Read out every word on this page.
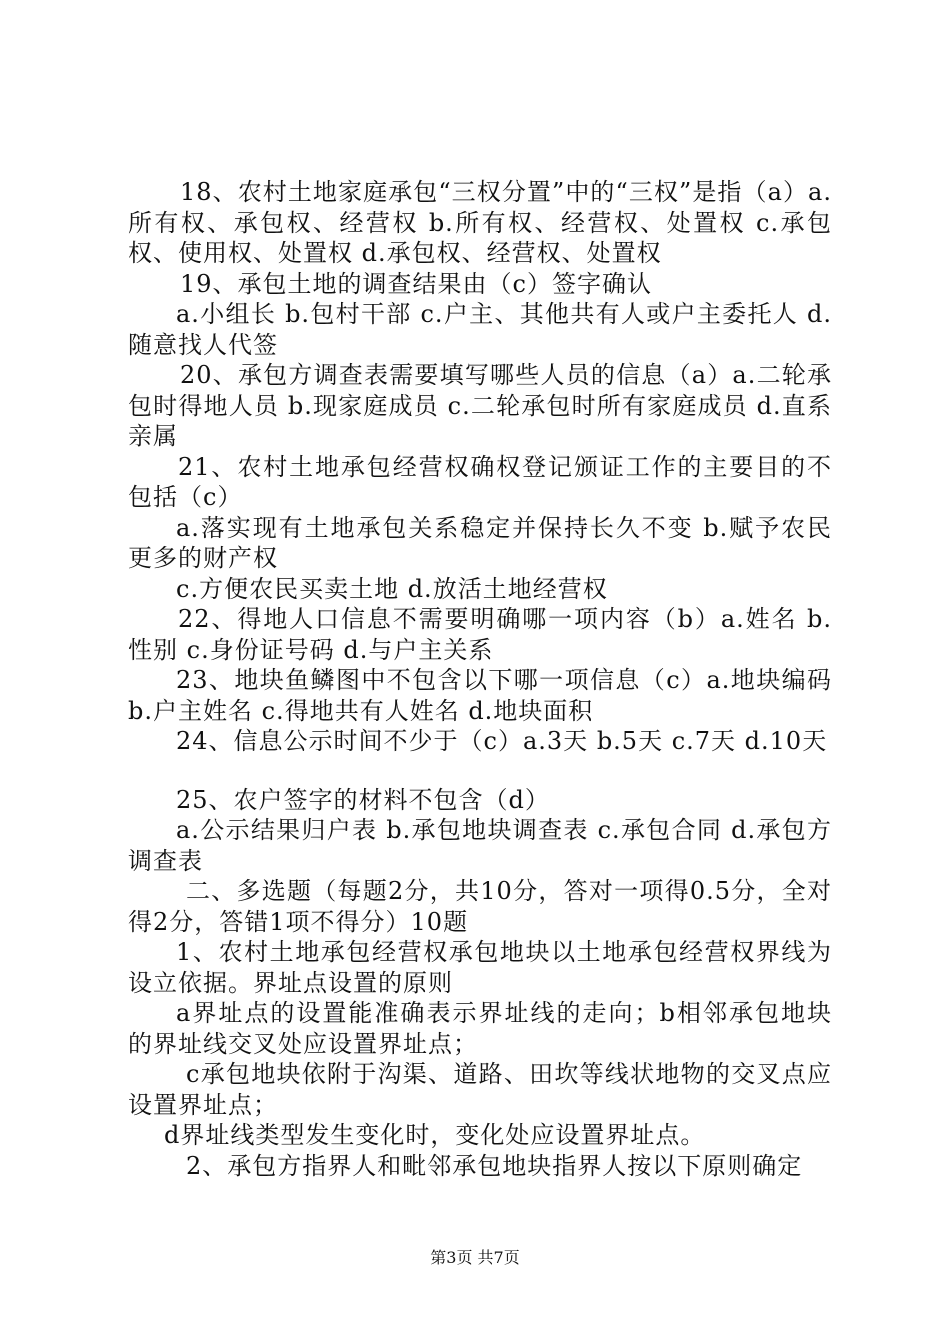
18、农村土地家庭承包“三权分置”中的“三权”是指（a）a.所有权、承包权、经营权 b.所有权、经营权、处置权 c.承包权、使用权、处置权 d.承包权、经营权、处置权

19、承包土地的调查结果由（c）签字确认

a.小组长 b.包村干部 c.户主、其他共有人或户主委托人 d.随意找人代签

20、承包方调查表需要填写哪些人员的信息（a）a.二轮承包时得地人员 b.现家庭成员 c.二轮承包时所有家庭成员 d.直系亲属

21、农村土地承包经营权确权登记颁证工作的主要目的不包括（c）

a.落实现有土地承包关系稳定并保持长久不变 b.赋予农民更多的财产权

c.方便农民买卖土地 d.放活土地经营权

22、得地人口信息不需要明确哪一项内容（b）a.姓名 b.性别 c.身份证号码 d.与户主关系

23、地块鱼鳞图中不包含以下哪一项信息（c）a.地块编码 b.户主姓名 c.得地共有人姓名 d.地块面积

24、信息公示时间不少于（c）a.3天 b.5天 c.7天 d.10天

25、农户签字的材料不包含（d）

a.公示结果归户表 b.承包地块调查表 c.承包合同 d.承包方调查表

二、多选题（每题2分，共10分，答对一项得0.5分，全对得2分，答错1项不得分）10题

1、农村土地承包经营权承包地块以土地承包经营权界线为设立依据。界址点设置的原则

a界址点的设置能准确表示界址线的走向；b相邻承包地块的界址线交叉处应设置界址点；

c承包地块依附于沟渠、道路、田坎等线状地物的交叉点应设置界址点；

d界址线类型发生变化时，变化处应设置界址点。

2、承包方指界人和毗邻承包地块指界人按以下原则确定

第3页 共7页
